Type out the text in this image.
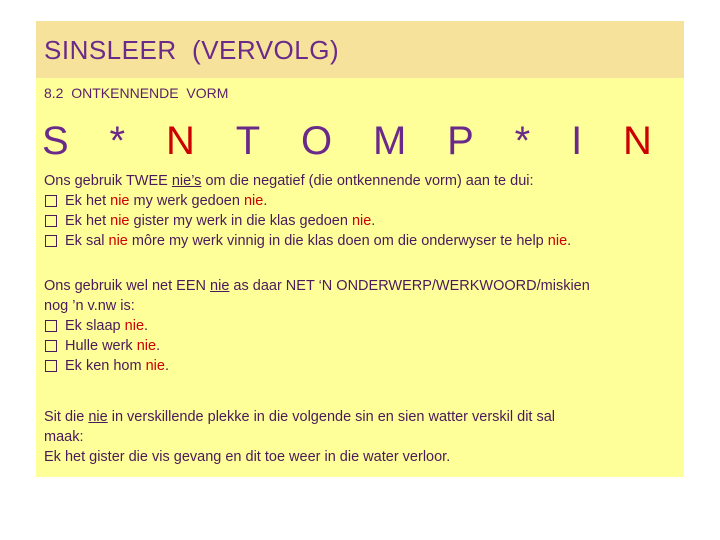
SINSLEER  (VERVOLG)
8.2  ONTKENNENDE  VORM
S * N T O M P * I N
Ons gebruik TWEE nie’s om die negatief (die ontkennende vorm) aan te dui:
Ek het nie my werk gedoen nie.
Ek het nie gister my werk in die klas gedoen nie.
Ek sal nie môre my werk vinnig in die klas doen om die onderwyser te help nie.
Ons gebruik wel net EEN nie as daar NET ‘N ONDERWERP/WERKWOORD/miskien
nog ’n v.nw is:
Ek slaap nie.
Hulle werk nie.
Ek ken hom nie.
Sit die nie in verskillende plekke in die volgende sin en sien watter verskil dit sal
maak:
Ek het gister die vis gevang en dit toe weer in die water verloor.
